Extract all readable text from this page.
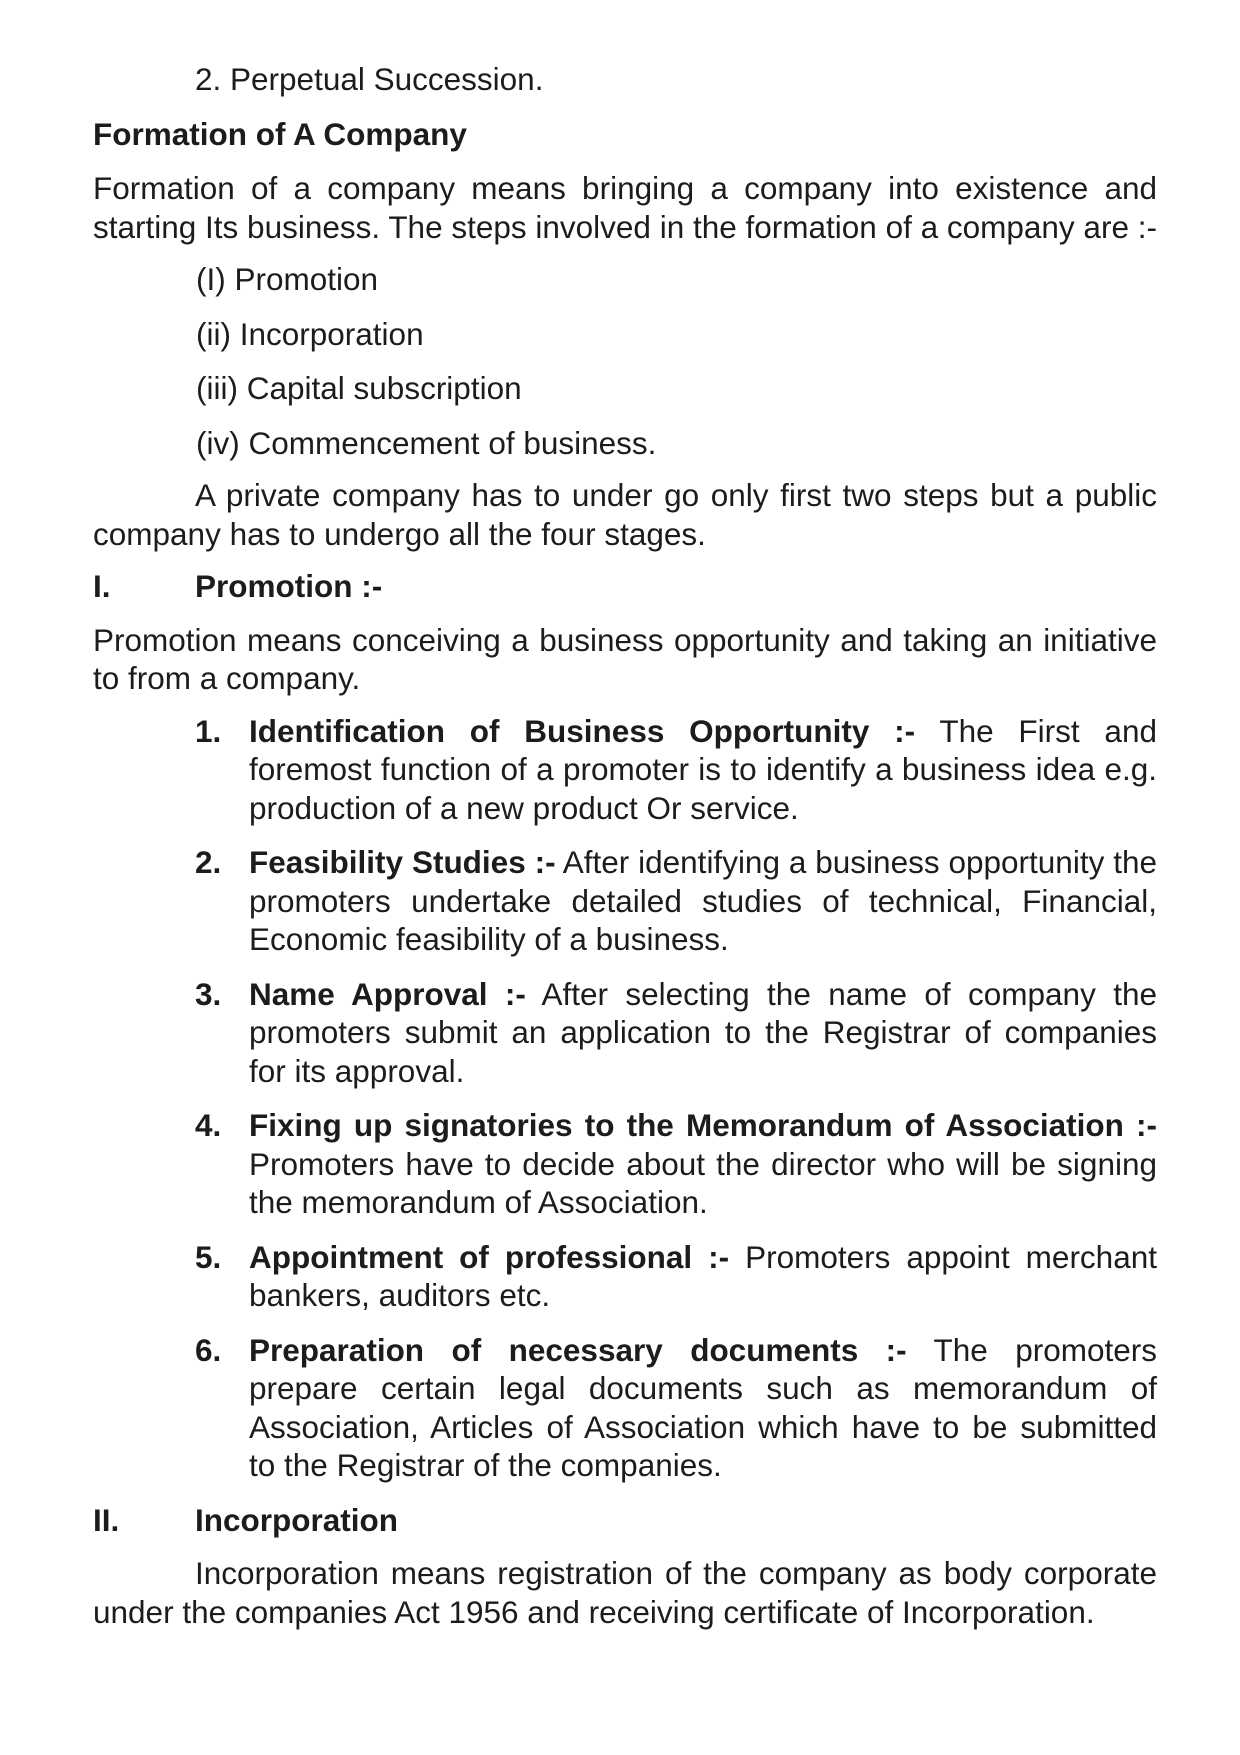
2. Perpetual Succession.

Formation of A Company

Formation of a company means bringing a company into existence and starting Its business. The steps involved in the formation of a company are :-

(I) Promotion

(ii) Incorporation

(iii) Capital subscription

(iv) Commencement of business.

A private company has to under go only first two steps but a public company has to undergo all the four stages.

I.	Promotion :-

Promotion means conceiving a business opportunity and taking an initiative to from a company.

1. Identification of Business Opportunity :- The First and foremost function of a promoter is to identify a business idea e.g. production of a new product Or service.

2. Feasibility Studies :- After identifying a business opportunity the promoters undertake detailed studies of technical, Financial, Economic feasibility of a business.

3. Name Approval :- After selecting the name of company the promoters submit an application to the Registrar of companies for its approval.

4. Fixing up signatories to the Memorandum of Association :- Promoters have to decide about the director who will be signing the memorandum of Association.

5. Appointment of professional :- Promoters appoint merchant bankers, auditors etc.

6. Preparation of necessary documents :- The promoters prepare certain legal documents such as memorandum of Association, Articles of Association which have to be submitted to the Registrar of the companies.

II.	Incorporation

Incorporation means registration of the company as body corporate under the companies Act 1956 and receiving certificate of Incorporation.
